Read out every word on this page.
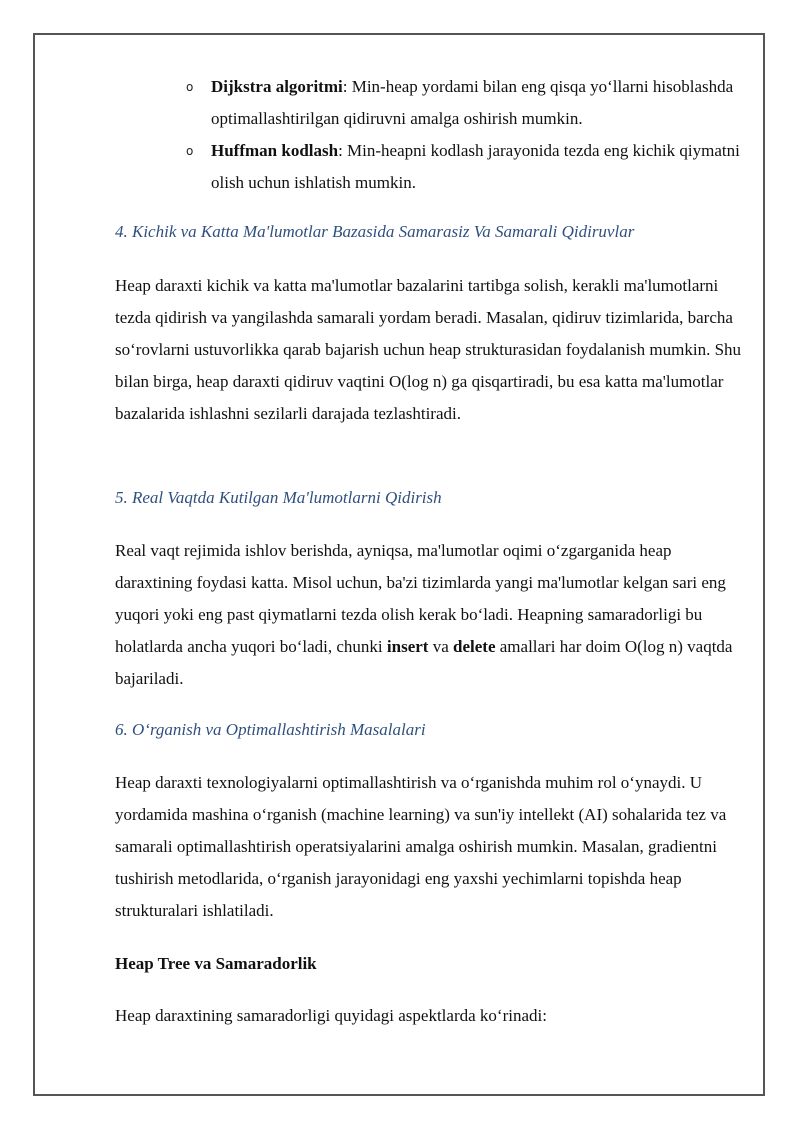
o Dijkstra algoritmi: Min-heap yordami bilan eng qisqa yo‘llarni hisoblashda optimallashtirilgan qidiruvni amalga oshirish mumkin.

o Huffman kodlash: Min-heapni kodlash jarayonida tezda eng kichik qiymatni olish uchun ishlatish mumkin.

4. Kichik va Katta Ma'lumotlar Bazasida Samarasiz Va Samarali Qidiruvlar

Heap daraxti kichik va katta ma'lumotlar bazalarini tartibga solish, kerakli ma'lumotlarni tezda qidirish va yangilashda samarali yordam beradi. Masalan, qidiruv tizimlarida, barcha so‘rovlarni ustuvorlikka qarab bajarish uchun heap strukturasidan foydalanish mumkin. Shu bilan birga, heap daraxti qidiruv vaqtini O(log n) ga qisqartiradi, bu esa katta ma'lumotlar bazalarida ishlashni sezilarli darajada tezlashtiradi.

5. Real Vaqtda Kutilgan Ma'lumotlarni Qidirish

Real vaqt rejimida ishlov berishda, ayniqsa, ma'lumotlar oqimi o‘zgarganida heap daraxtining foydasi katta. Misol uchun, ba'zi tizimlarda yangi ma'lumotlar kelgan sari eng yuqori yoki eng past qiymatlarni tezda olish kerak bo‘ladi. Heapning samaradorligi bu holatlarda ancha yuqori bo‘ladi, chunki insert va delete amallari har doim O(log n) vaqtda bajariladi.

6. O‘rganish va Optimallashtirish Masalalari

Heap daraxti texnologiyalarni optimallashtirish va o‘rganishda muhim rol o‘ynaydi. U yordamida mashina o‘rganish (machine learning) va sun'iy intellekt (AI) sohalarida tez va samarali optimallashtirish operatsiyalarini amalga oshirish mumkin. Masalan, gradientni tushirish metodlarida, o‘rganish jarayonidagi eng yaxshi yechimlarni topishda heap strukturalari ishlatiladi.

Heap Tree va Samaradorlik

Heap daraxtining samaradorligi quyidagi aspektlarda ko‘rinadi:
